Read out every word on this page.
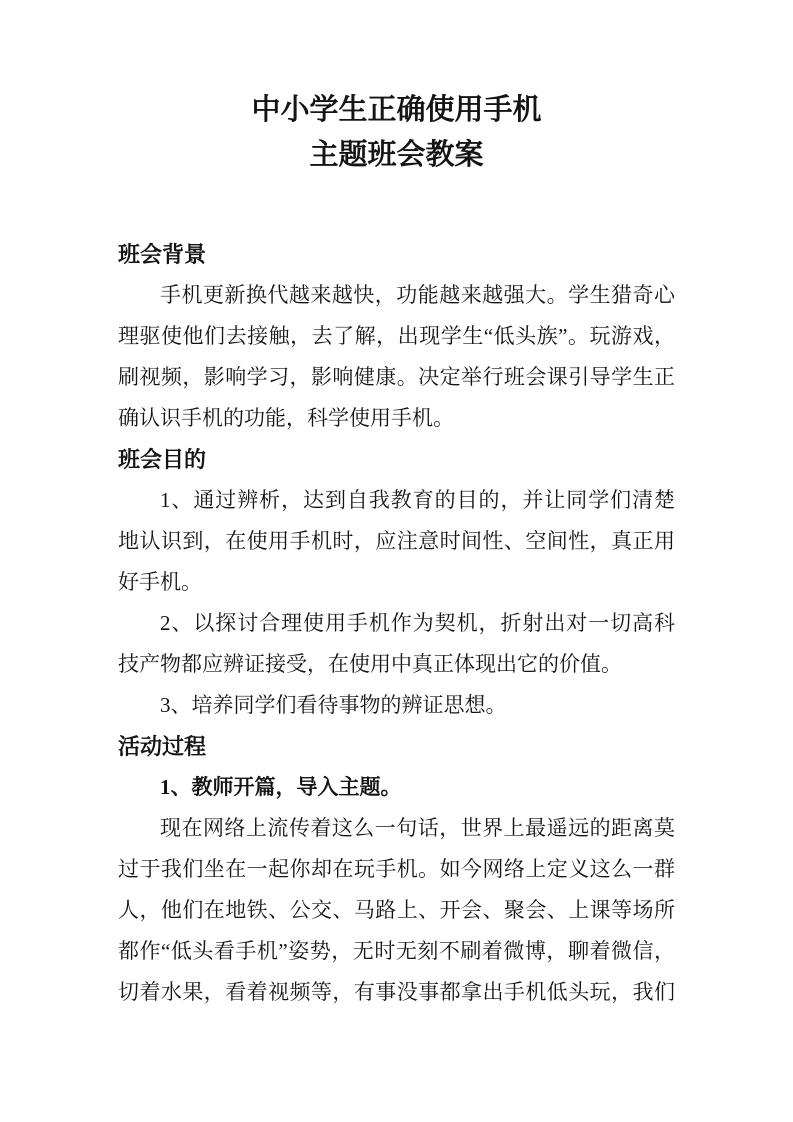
中小学生正确使用手机
主题班会教案
班会背景

手机更新换代越来越快，功能越来越强大。学生猎奇心
理驱使他们去接触，去了解，出现学生“低头族”。玩游戏，
刷视频，影响学习，影响健康。决定举行班会课引导学生正
确认识手机的功能，科学使用手机。

班会目的

1、通过辨析，达到自我教育的目的，并让同学们清楚
地认识到，在使用手机时，应注意时间性、空间性，真正用
好手机。

2、以探讨合理使用手机作为契机，折射出对一切高科
技产物都应辨证接受，在使用中真正体现出它的价值。

3、培养同学们看待事物的辨证思想。

活动过程
1、教师开篇，导入主题。

现在网络上流传着这么一句话，世界上最遥远的距离莫
过于我们坐在一起你却在玩手机。如今网络上定义这么一群
人，他们在地铁、公交、马路上、开会、聚会、上课等场所
都作“低头看手机”姿势，无时无刻不刷着微博，聊着微信，
切着水果，看着视频等，有事没事都拿出手机低头玩，我们
